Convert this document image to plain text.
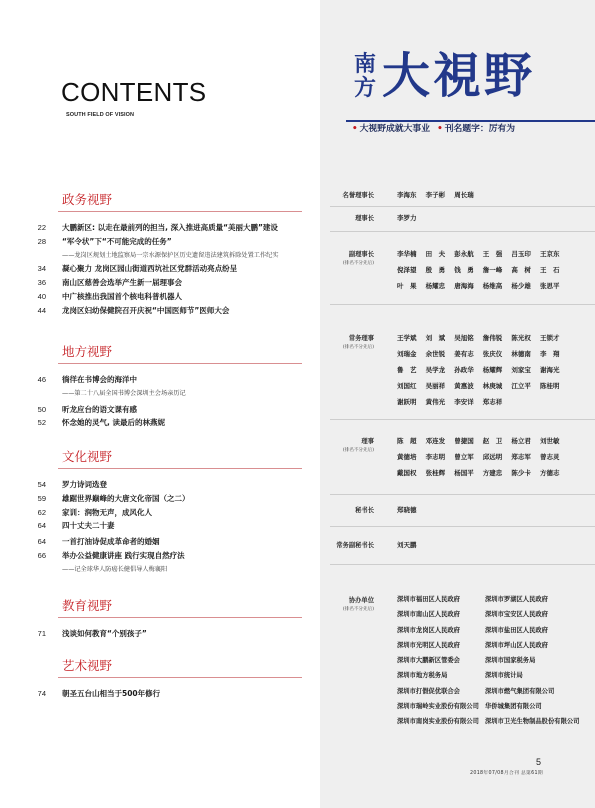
CONTENTS
SOUTH FIELD OF VISION
政务视野
22 大鹏新区: 以走在最前列的担当, 深入推进高质量“美丽大鹏”建设
28 “军令状”下“不可能完成的任务”
——龙岗区规划土地监察局一宗水源保护区历史遗留违法建筑拆除处置工作纪实
34 凝心聚力 龙岗区园山街道西坑社区党群活动亮点纷呈
36 南山区慈善会选举产生新一届理事会
40 中广核推出我国首个核电科普机器人
44 龙岗区妇幼保健院召开庆祝“中国医师节”医师大会
地方视野
46 徜徉在书博会的海洋中
——第二十八届全国书博会深圳主会场亲历记
50 听龙应台的语文课有感
52 怀念她的灵气, 读最后的林燕妮
文化视野
54 罗力诗词选登
59 雄踞世界巅峰的大唐文化帝国（之二）
62 家训：润物无声，成风化人
64 四十丈夫二十妻
64 一首打油诗促成革命者的婚姻
66 举办公益健康讲座 践行实现自然疗法
——记全球华人防癌长健倡导人梅襄阳
教育视野
71 浅谈如何教育“个别孩子”
艺术视野
74 朝圣五台山相当于500年修行
南
方 大視野
• 大视野成就大事业 • 刊名题字：厉有为
协办单位
(排名不分先后)
深圳市福田区人民政府	深圳市罗湖区人民政府
深圳市南山区人民政府	深圳市宝安区人民政府
深圳市龙岗区人民政府	深圳市盐田区人民政府
深圳市光明区人民政府	深圳市坪山区人民政府
深圳市大鹏新区管委会	深圳市国家税务局
深圳市地方税务局	深圳市统计局
深圳市打假促优联合会	深圳市燃气集团有限公司
深圳市瑞岭实业股份有限公司 华侨城集团有限公司
深圳市南岗实业股份有限公司 深圳市卫光生物制品股份有限公司
名誉理事长	李海东 李子彬 周长瑞
理事长	李罗力
副理事长
(排名不分先后)
李华楠 田　夫 彭永航 王　强 吕玉印 王京东
倪泽望 殷　勇 钱　勇 詹一峰 高　树 王　石
叶　果 杨耀忠 唐海海 杨维高 杨少雄 张思平
常务理事
(排名不分先后)
王学斌 刘　斌 吴旭铭 詹伟锐 陈光权 王锁才
刘瑞金 余世锐 姜有志 张庆仪 林德南 李　翔
鲁　艺 吴学龙 孙政华 杨耀辉 刘家宝 谢海光
刘国红 吴丽祥 黄惠波 林庚城 江立平 陈桂明
谢跃明 黄伟光 李安详 郑志祥
理事
(排名不分先后)
陈　超 邓连发 曾捷国 赵　卫 杨立君 刘世敏
黄德培 李志明 曾立军 邱远明 郑志军 曾志灵
戴国权 张桂辉 杨国平 方建忠 陈少卡 方德志
秘书长	郑晓德
常务副秘书长	刘天鹏
5
2018年07/08月合刊 总第61期
